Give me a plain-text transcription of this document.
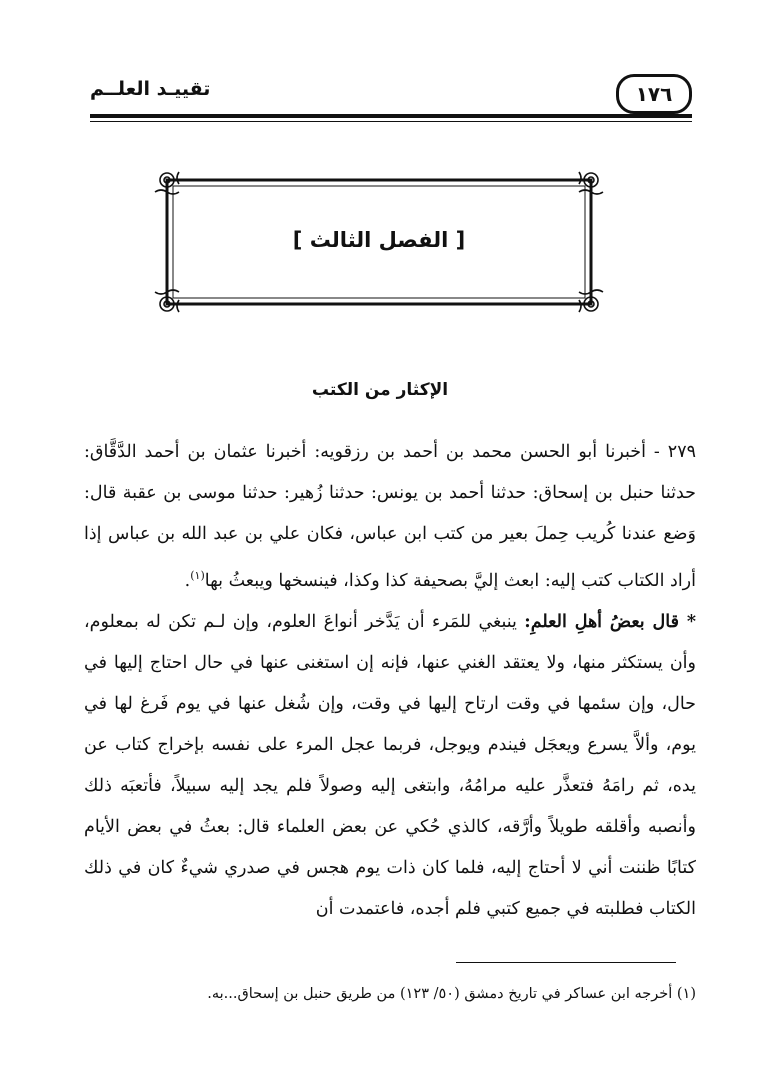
١٧٦
تقييـد العلــم
[ الفصل الثالث ]
الإكثار من الكتب

٢٧٩ - أخبرنا أبو الحسن محمد بن أحمد بن رزقويه: أخبرنا عثمان بن أحمد الدَّقَّاق: حدثنا حنبل بن إسحاق: حدثنا أحمد بن يونس: حدثنا زُهير: حدثنا موسى بن عقبة قال: وَضع عندنا كُريب حِملَ بعير من كتب ابن عباس، فكان علي بن عبد الله بن عباس إذا أراد الكتاب كتب إليه: ابعث إليَّ بصحيفة كذا وكذا، فينسخها ويبعثُ بها$^{(١)}$.

* قال بعضُ أهلِ العلمِ: ينبغي للمَرء أن يَدَّخر أنواعَ العلوم، وإن لـم تكن له بمعلوم، وأن يستكثر منها، ولا يعتقد الغني عنها، فإنه إن استغنى عنها في حال احتاج إليها في حال، وإن سئمها في وقت ارتاح إليها في وقت، وإن شُغل عنها في يوم فَرغ لها في يوم، وألاَّ يسرع ويعجَل فيندم ويوجل، فربما عجل المرء على نفسه بإخراج كتاب عن يده، ثم رامَهُ فتعذَّر عليه مرامُهُ، وابتغى إليه وصولاً فلم يجد إليه سبيلاً، فأتعبَه ذلك وأنصبه وأقلقه طويلاً وأرَّقه، كالذي حُكي عن بعض العلماء قال: بعثُ في بعض الأيام كتابًا ظننت أني لا أحتاج إليه، فلما كان ذات يوم هجس في صدري شيءٌ كان في ذلك الكتاب فطلبته في جميع كتبي فلم أجده، فاعتمدت أن

(١) أخرجه ابن عساكر في تاريخ دمشق (٥٠/ ١٢٣) من طريق حنبل بن إسحاق...به.
